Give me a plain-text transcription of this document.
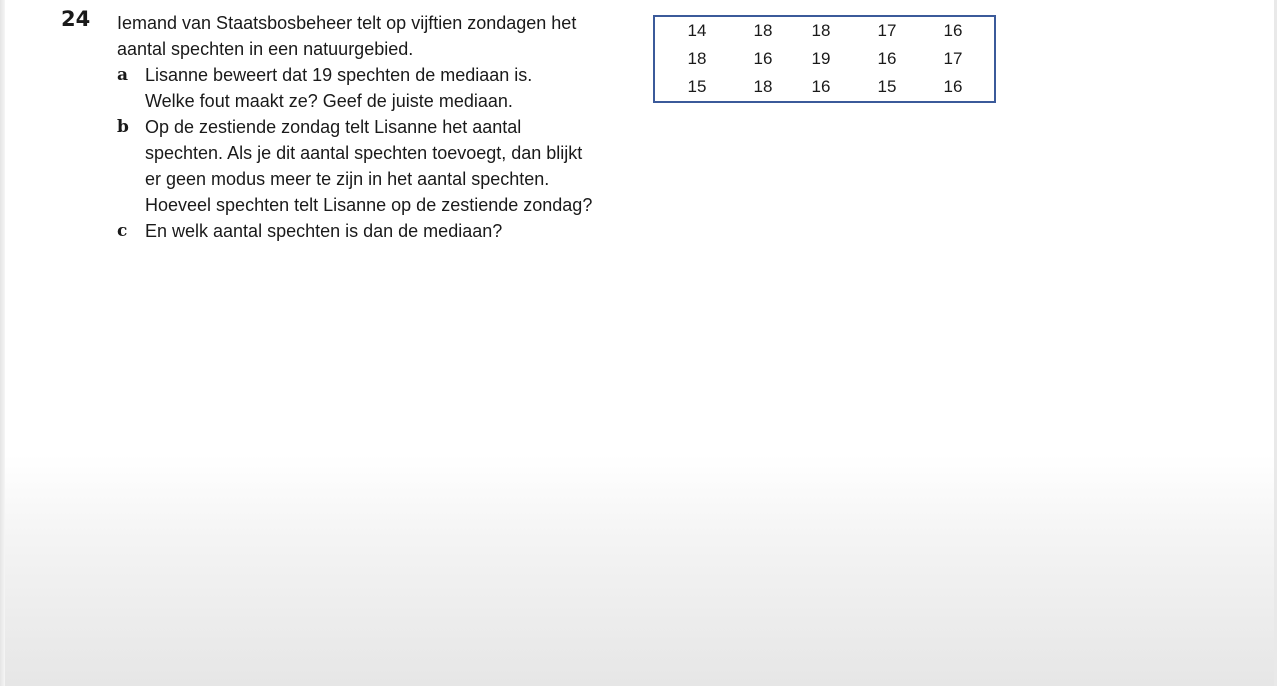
24 Iemand van Staatsbosbeheer telt op vijftien zondagen het
aantal spechten in een natuurgebied.
a Lisanne beweert dat 19 spechten de mediaan is.
Welke fout maakt ze? Geef de juiste mediaan.
b Op de zestiende zondag telt Lisanne het aantal
spechten. Als je dit aantal spechten toevoegt, dan blijkt
er geen modus meer te zijn in het aantal spechten.
Hoeveel spechten telt Lisanne op de zestiende zondag?
c En welk aantal spechten is dan de mediaan?
14	18	18	17	16
18	16	19	16	17
15	18	16	15	16
